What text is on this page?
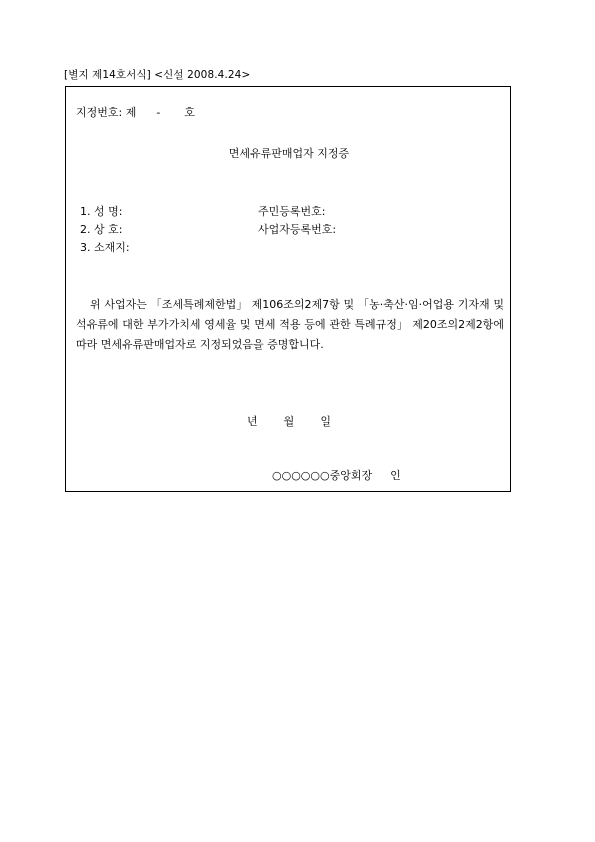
[별지 제14호서식] <신설 2008.4.24>
지정번호: 제 - 호
면세유류판매업자 지정증
1. 성 명:	주민등록번호:
2. 상 호:	사업자등록번호:
3. 소재지:
위 사업자는 「조세특례제한법」 제106조의2제7항 및 「농·축산·임·어업용 기자재 및 석유류에 대한 부가가치세 영세율 및 면세 적용 등에 관한 특례규정」 제20조의2제2항에 따라 면세유류판매업자로 지정되었음을 증명합니다.
년 월 일
○○○○○○중앙회장 인
